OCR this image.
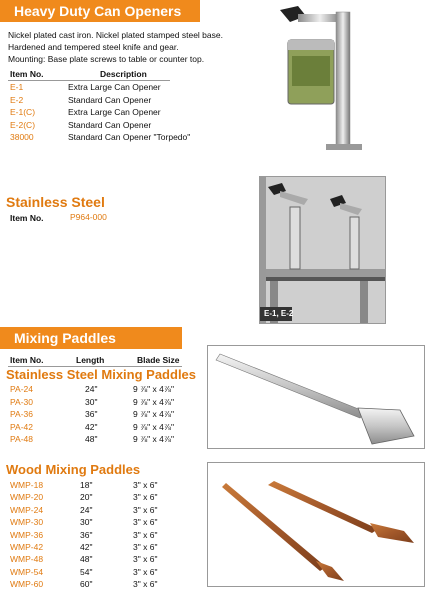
Heavy Duty Can Openers
Nickel plated cast iron. Nickel plated stamped steel base.
Hardened and tempered steel knife and gear.
Mounting: Base plate screws to table or counter top.
Item No.	Description
E-1	Extra Large Can Opener
E-2	Standard Can Opener
E-1(C)	Extra Large Can Opener
E-2(C)	Standard Can Opener
38000	Standard Can Opener "Torpedo"
Stainless Steel
Item No.	P964-000
E-1, E-2
Mixing Paddles
Item No.	Length	Blade Size
Stainless Steel Mixing Paddles
PA-24	24"	9 ⅞" x 4⅞"
PA-30	30"	9 ⅞" x 4⅞"
PA-36	36"	9 ⅞" x 4⅞"
PA-42	42"	9 ⅞" x 4⅞"
PA-48	48"	9 ⅞" x 4⅞"
Wood Mixing Paddles
WMP-18	18"	3" x 6"
WMP-20	20"	3" x 6"
WMP-24	24"	3" x 6"
WMP-30	30"	3" x 6"
WMP-36	36"	3" x 6"
WMP-42	42"	3" x 6"
WMP-48	48"	3" x 6"
WMP-54	54"	3" x 6"
WMP-60	60"	3" x 6"
